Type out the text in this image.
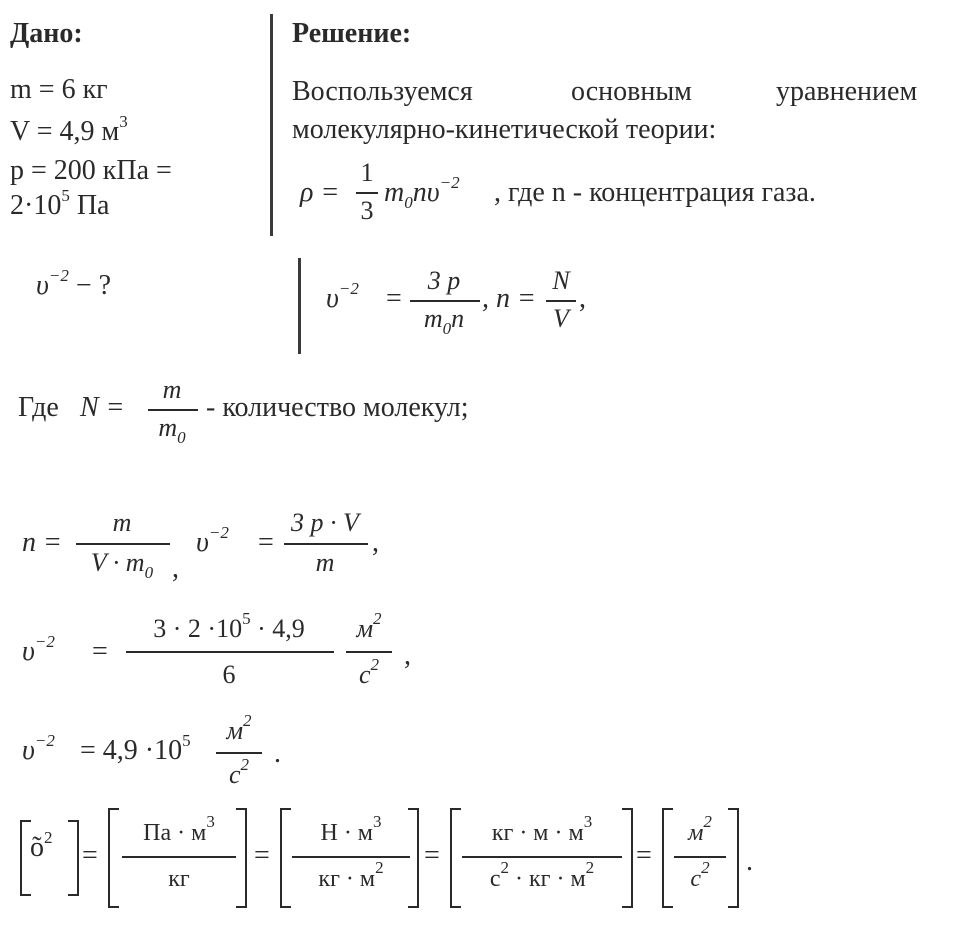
Дано:
m = 6 кг
V = 4,9 $м^3$
p = 200 кПа =
$2\cdot 10^5$ Па
$\upsilon^{-2}$ − ?
Решение:
Воспользуемся	основным	уравнением
молекулярно-кинетической теории:
ρ =
1
3
$m_0n\upsilon^{-2}$ , где n - концентрация газа.
$\upsilon^{-2}$ =
3 p
$m_0n$
, n =
N
V
,
Где N =
m
$m_0$
- количество молекул;
n =
m
$V \cdot m_0$ ,
$\upsilon^{-2}$ =
3 p · V
m
,
$\upsilon^{-2}$ =
$3 \cdot 2 \cdot 10^5 \cdot 4,9$
6
$м^2$
$с^2$ ,
$\upsilon^{-2} = 4,9 \cdot 10^5$	$м^2$
$с^2$ .
$õ^2$
=
Па · $м^3$
кг
=
$Н \cdot м^3$
кг · $м^2$	=
кг · $м \cdot м^3$
$с^2$ · кг · $м^2$	=
$м^2$
$с^2$	.
